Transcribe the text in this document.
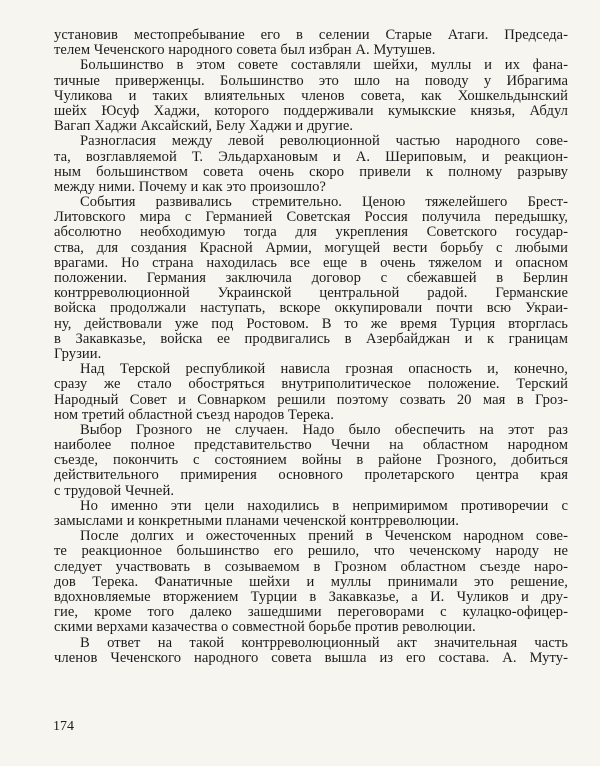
установив местопребывание его в селении Старые Атаги. Председа-
телем Чеченского народного совета был избран А. Мутушев.
Большинство в этом совете составляли шейхи, муллы и их фана-
тичные приверженцы. Большинство это шло на поводу у Ибрагима
Чуликова и таких влиятельных членов совета, как Хошкельдынский
шейх Юсуф Хаджи, которого поддерживали кумыкские князья, Абдул
Вагап Хаджи Аксайский, Белу Хаджи и другие.
Разногласия между левой революционной частью народного сове-
та, возглавляемой Т. Эльдархановым и А. Шериповым, и реакцион-
ным большинством совета очень скоро привели к полному разрыву
между ними. Почему и как это произошло?
События развивались стремительно. Ценою тяжелейшего Брест-
Литовского мира с Германией Советская Россия получила передышку,
абсолютно необходимую тогда для укрепления Советского государ-
ства, для создания Красной Армии, могущей вести борьбу с любыми
врагами. Но страна находилась все еще в очень тяжелом и опасном
положении. Германия заключила договор с сбежавшей в Берлин
контрреволюционной Украинской центральной радой. Германские
войска продолжали наступать, вскоре оккупировали почти всю Украи-
ну, действовали уже под Ростовом. В то же время Турция вторглась
в Закавказье, войска ее продвигались в Азербайджан и к границам
Грузии.
Над Терской республикой нависла грозная опасность и, конечно,
сразу же стало обостряться внутриполитическое положение. Терский
Народный Совет и Совнарком решили поэтому созвать 20 мая в Гроз-
ном третий областной съезд народов Терека.
Выбор Грозного не случаен. Надо было обеспечить на этот раз
наиболее полное представительство Чечни на областном народном
съезде, покончить с состоянием войны в районе Грозного, добиться
действительного примирения основного пролетарского центра края
с трудовой Чечней.
Но именно эти цели находились в непримиримом противоречии с
замыслами и конкретными планами чеченской контрреволюции.
После долгих и ожесточенных прений в Чеченском народном сове-
те реакционное большинство его решило, что чеченскому народу не
следует участвовать в созываемом в Грозном областном съезде наро-
дов Терека. Фанатичные шейхи и муллы принимали это решение,
вдохновляемые вторжением Турции в Закавказье, а И. Чуликов и дру-
гие, кроме того далеко зашедшими переговорами с кулацко-офицер-
скими верхами казачества о совместной борьбе против революции.
В ответ на такой контрреволюционный акт значительная часть
членов Чеченского народного совета вышла из его состава. А. Муту-
174
